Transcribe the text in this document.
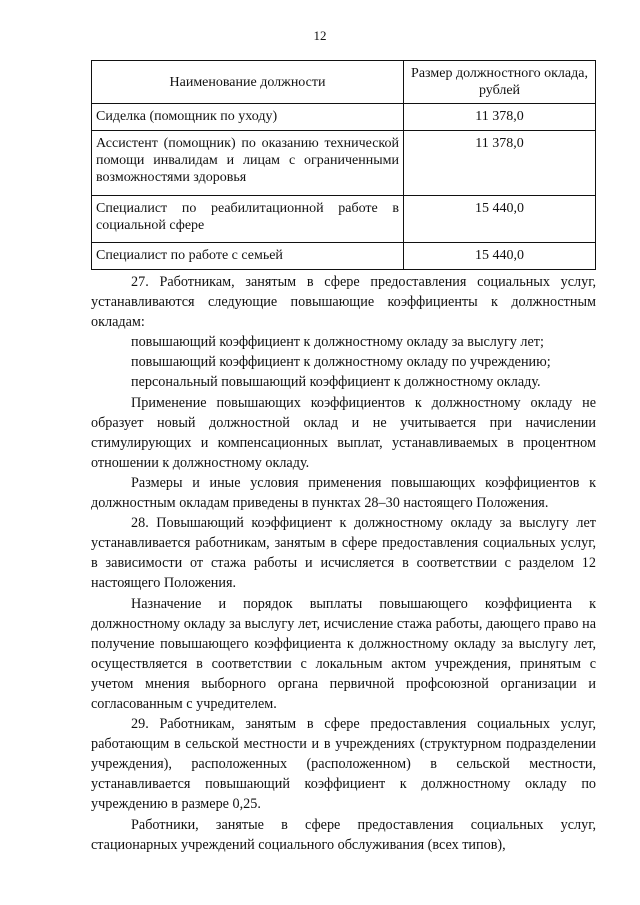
12
Наименование должности	Размер должностного оклада, рублей
Сиделка (помощник по уходу)	11 378,0
Ассистент (помощник) по оказанию технической помощи инвалидам и лицам с ограниченными возможностями здоровья	11 378,0
Специалист по реабилитационной работе в социальной сфере	15 440,0
Специалист по работе с семьей	15 440,0

27. Работникам, занятым в сфере предоставления социальных услуг, устанавливаются следующие повышающие коэффициенты к должностным окладам:

повышающий коэффициент к должностному окладу за выслугу лет;

повышающий коэффициент к должностному окладу по учреждению;

персональный повышающий коэффициент к должностному окладу.

Применение повышающих коэффициентов к должностному окладу не образует новый должностной оклад и не учитывается при начислении стимулирующих и компенсационных выплат, устанавливаемых в процентном отношении к должностному окладу.

Размеры и иные условия применения повышающих коэффициентов к должностным окладам приведены в пунктах 28–30 настоящего Положения.

28. Повышающий коэффициент к должностному окладу за выслугу лет устанавливается работникам, занятым в сфере предоставления социальных услуг, в зависимости от стажа работы и исчисляется в соответствии с разделом 12 настоящего Положения.

Назначение и порядок выплаты повышающего коэффициента к должностному окладу за выслугу лет, исчисление стажа работы, дающего право на получение повышающего коэффициента к должностному окладу за выслугу лет, осуществляется в соответствии с локальным актом учреждения, принятым с учетом мнения выборного органа первичной профсоюзной организации и согласованным с учредителем.

29. Работникам, занятым в сфере предоставления социальных услуг, работающим в сельской местности и в учреждениях (структурном подразделении учреждения), расположенных (расположенном) в сельской местности, устанавливается повышающий коэффициент к должностному окладу по учреждению в размере 0,25.

Работники, занятые в сфере предоставления социальных услуг, стационарных учреждений социального обслуживания (всех типов),
